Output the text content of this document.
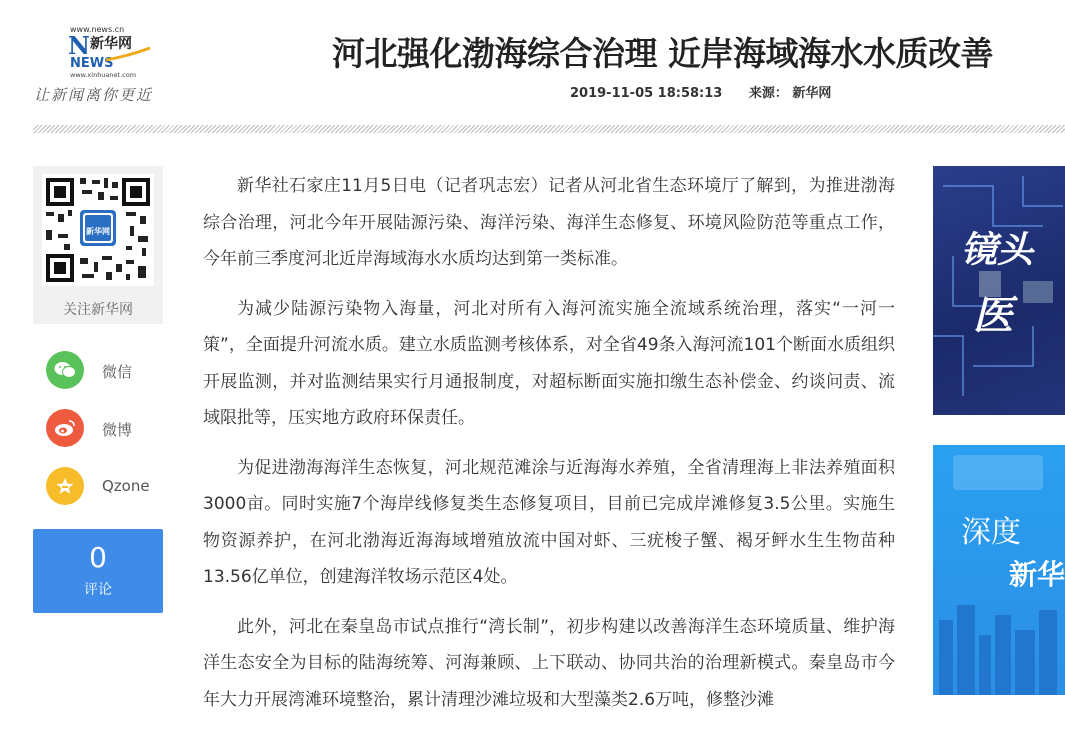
www.news.cn
N 新华网
NEWS
www.xinhuanet.com
让新闻离你更近
河北强化渤海综合治理 近岸海域海水水质改善
2019-11-05 18:58:13 来源： 新华网
新华网
关注新华网
微信
微博
Qzone
0
评论

新华社石家庄11月5日电（记者巩志宏）记者从河北省生态环境厅了解到，为推进渤海综合治理，河北今年开展陆源污染、海洋污染、海洋生态修复、环境风险防范等重点工作，今年前三季度河北近岸海域海水水质均达到第一类标准。

为减少陆源污染物入海量，河北对所有入海河流实施全流域系统治理，落实“一河一策”，全面提升河流水质。建立水质监测考核体系，对全省49条入海河流101个断面水质组织开展监测，并对监测结果实行月通报制度，对超标断面实施扣缴生态补偿金、约谈问责、流域限批等，压实地方政府环保责任。

为促进渤海海洋生态恢复，河北规范滩涂与近海海水养殖，全省清理海上非法养殖面积3000亩。同时实施7个海岸线修复类生态修复项目，目前已完成岸滩修复3.5公里。实施生物资源养护，在河北渤海近海海域增殖放流中国对虾、三疣梭子蟹、褐牙鲆水生生物苗种13.56亿单位，创建海洋牧场示范区4处。

此外，河北在秦皇岛市试点推行“湾长制”，初步构建以改善海洋生态环境质量、维护海洋生态安全为目标的陆海统筹、河海兼顾、上下联动、协同共治的治理新模式。秦皇岛市今年大力开展湾滩环境整治，累计清理沙滩垃圾和大型藻类2.6万吨，修整沙滩

镜头
医
深度
新华
